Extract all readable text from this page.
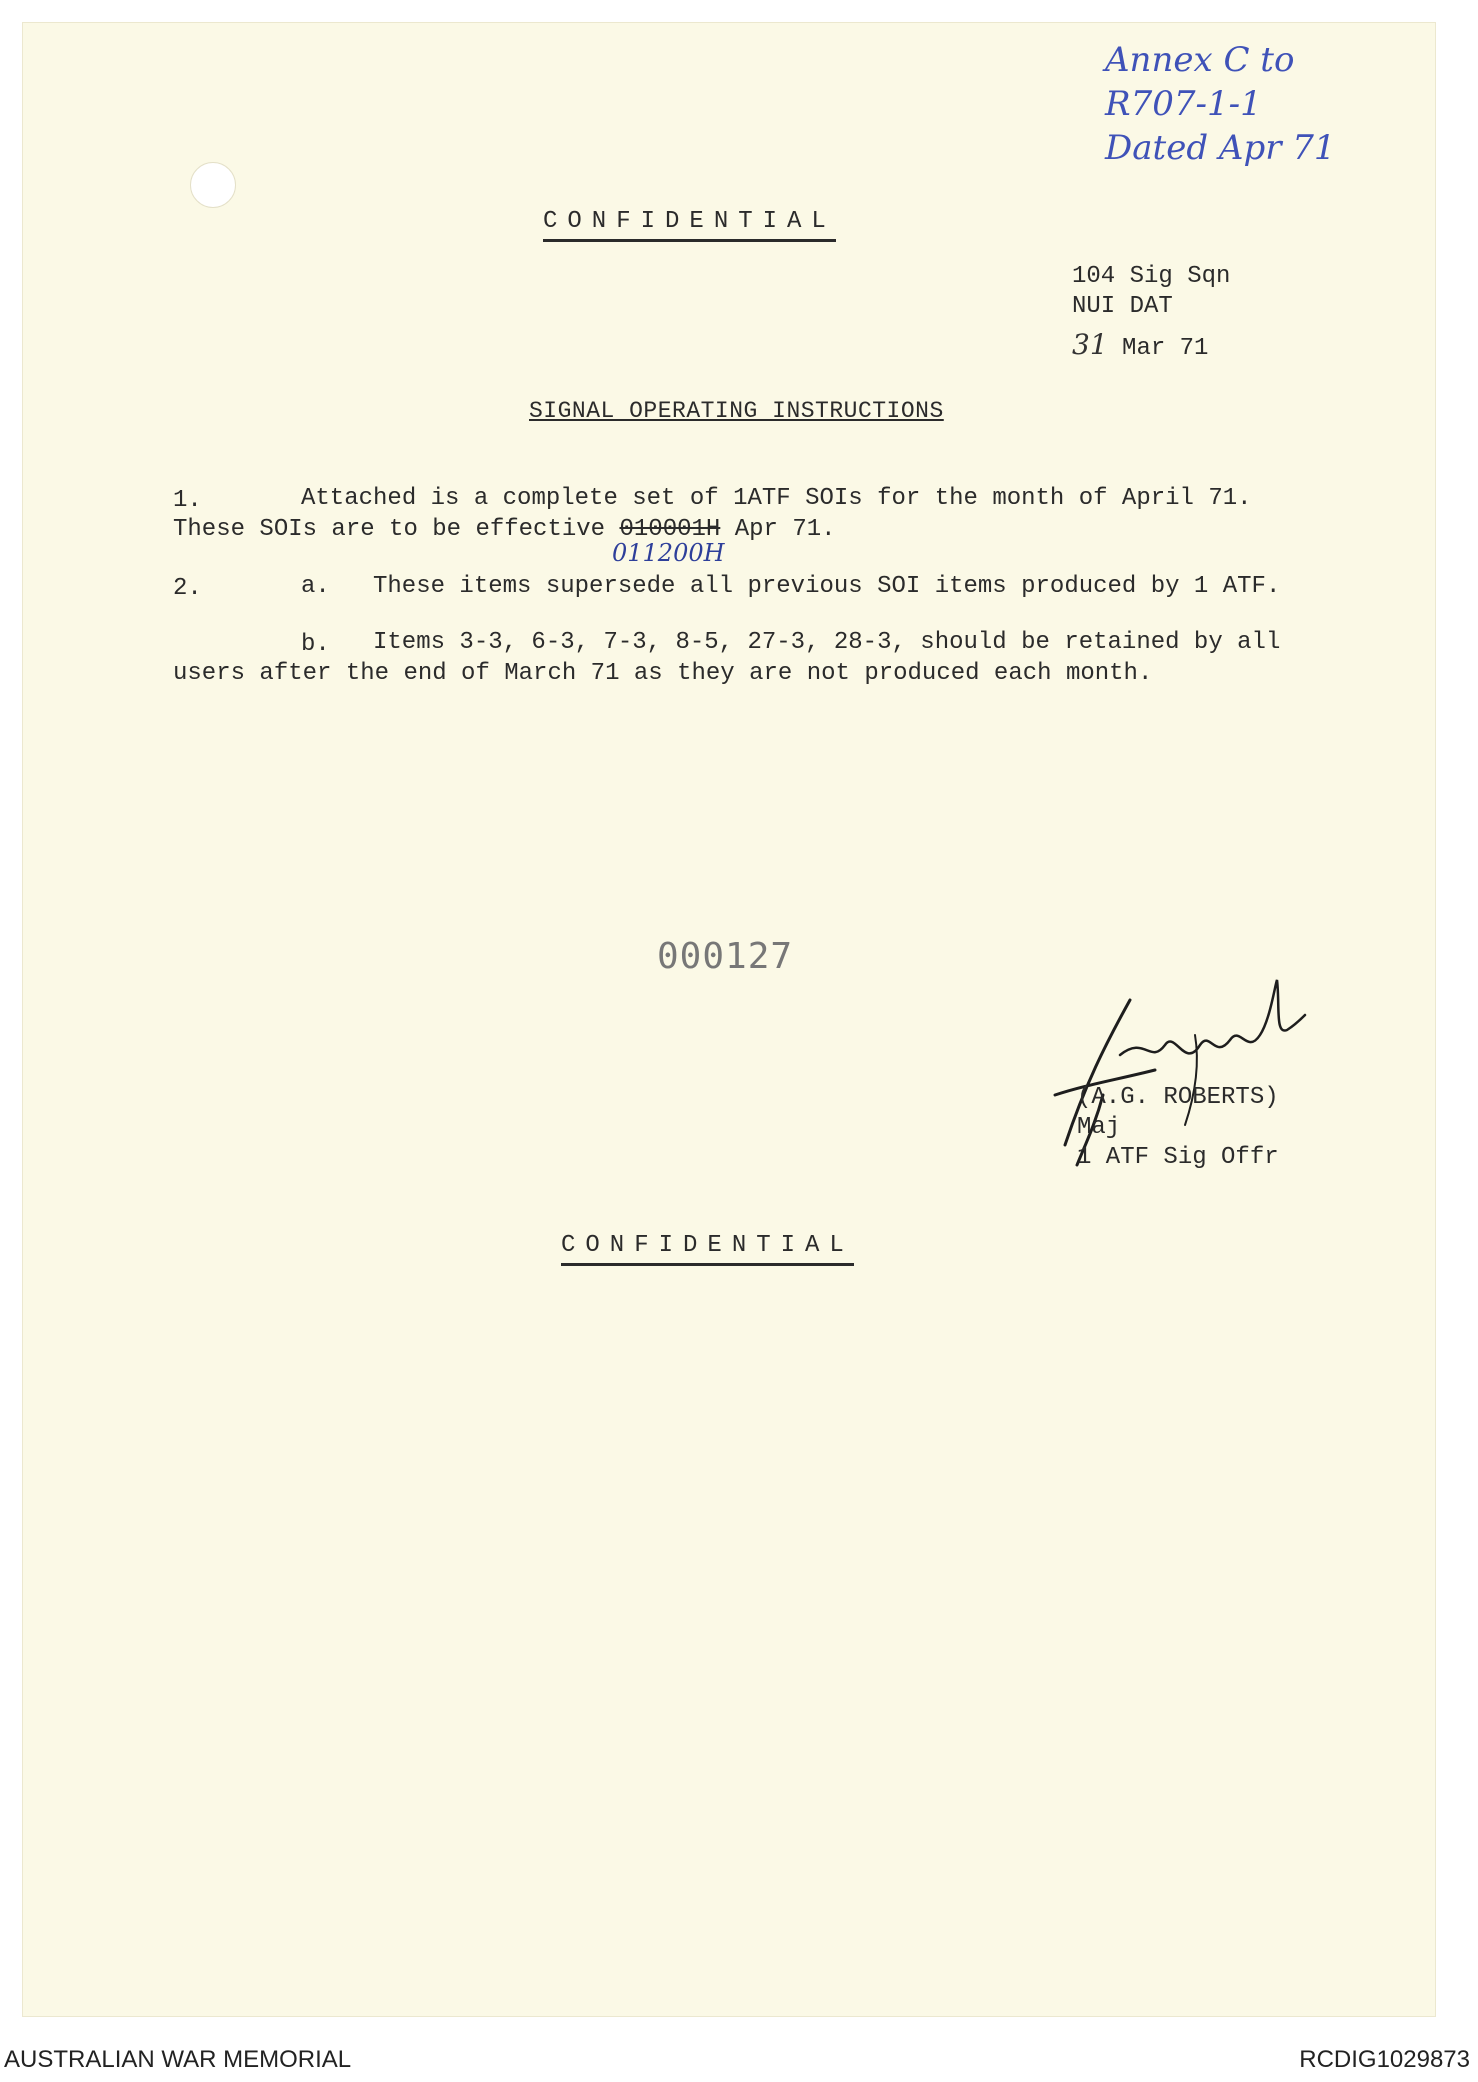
Annex C to
R707-1-1
Dated Apr 71
CONFIDENTIAL
104 Sig Sqn
NUI DAT
31 Mar 71
SIGNAL OPERATING INSTRUCTIONS
1.	Attached is a complete set of 1ATF SOIs for the month of April 71.
These SOIs are to be effective 010001H Apr 71.
011200H
2.	a. These items supersede all previous SOI items produced by 1 ATF.
b. Items 3-3, 6-3, 7-3, 8-5, 27-3, 28-3, should be retained by all
users after the end of March 71 as they are not produced each month.
000127
(A.G. ROBERTS)
Maj
1 ATF Sig Offr
CONFIDENTIAL
AUSTRALIAN WAR MEMORIAL	RCDIG1029873
